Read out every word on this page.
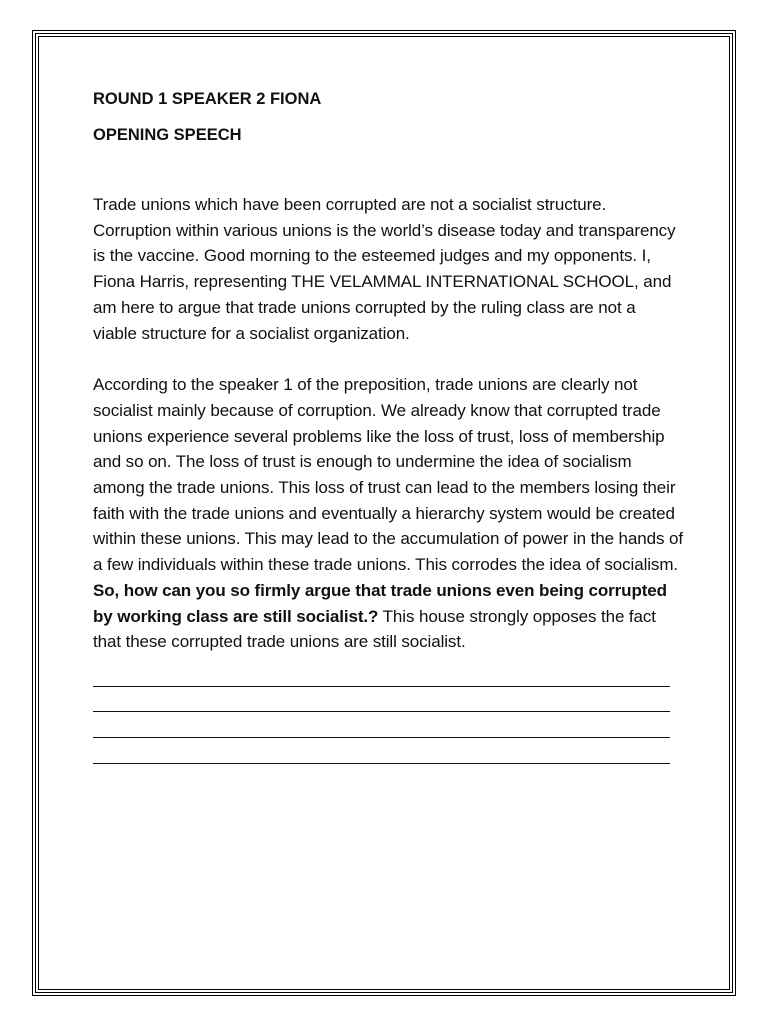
ROUND 1 SPEAKER 2 FIONA

OPENING SPEECH

Trade unions which have been corrupted are not a socialist structure. Corruption within various unions is the world’s disease today and transparency is the vaccine. Good morning to the esteemed judges and my opponents. I, Fiona Harris, representing THE VELAMMAL INTERNATIONAL SCHOOL, and am here to argue that trade unions corrupted by the ruling class are not a viable structure for a socialist organization.

According to the speaker 1 of the preposition, trade unions are clearly not socialist mainly because of corruption. We already know that corrupted trade unions experience several problems like the loss of trust, loss of membership and so on. The loss of trust is enough to undermine the idea of socialism among the trade unions. This loss of trust can lead to the members losing their faith with the trade unions and eventually a hierarchy system would be created within these unions. This may lead to the accumulation of power in the hands of a few individuals within these trade unions. This corrodes the idea of socialism. So, how can you so firmly argue that trade unions even being corrupted by working class are still socialist.? This house strongly opposes the fact that these corrupted trade unions are still socialist.
